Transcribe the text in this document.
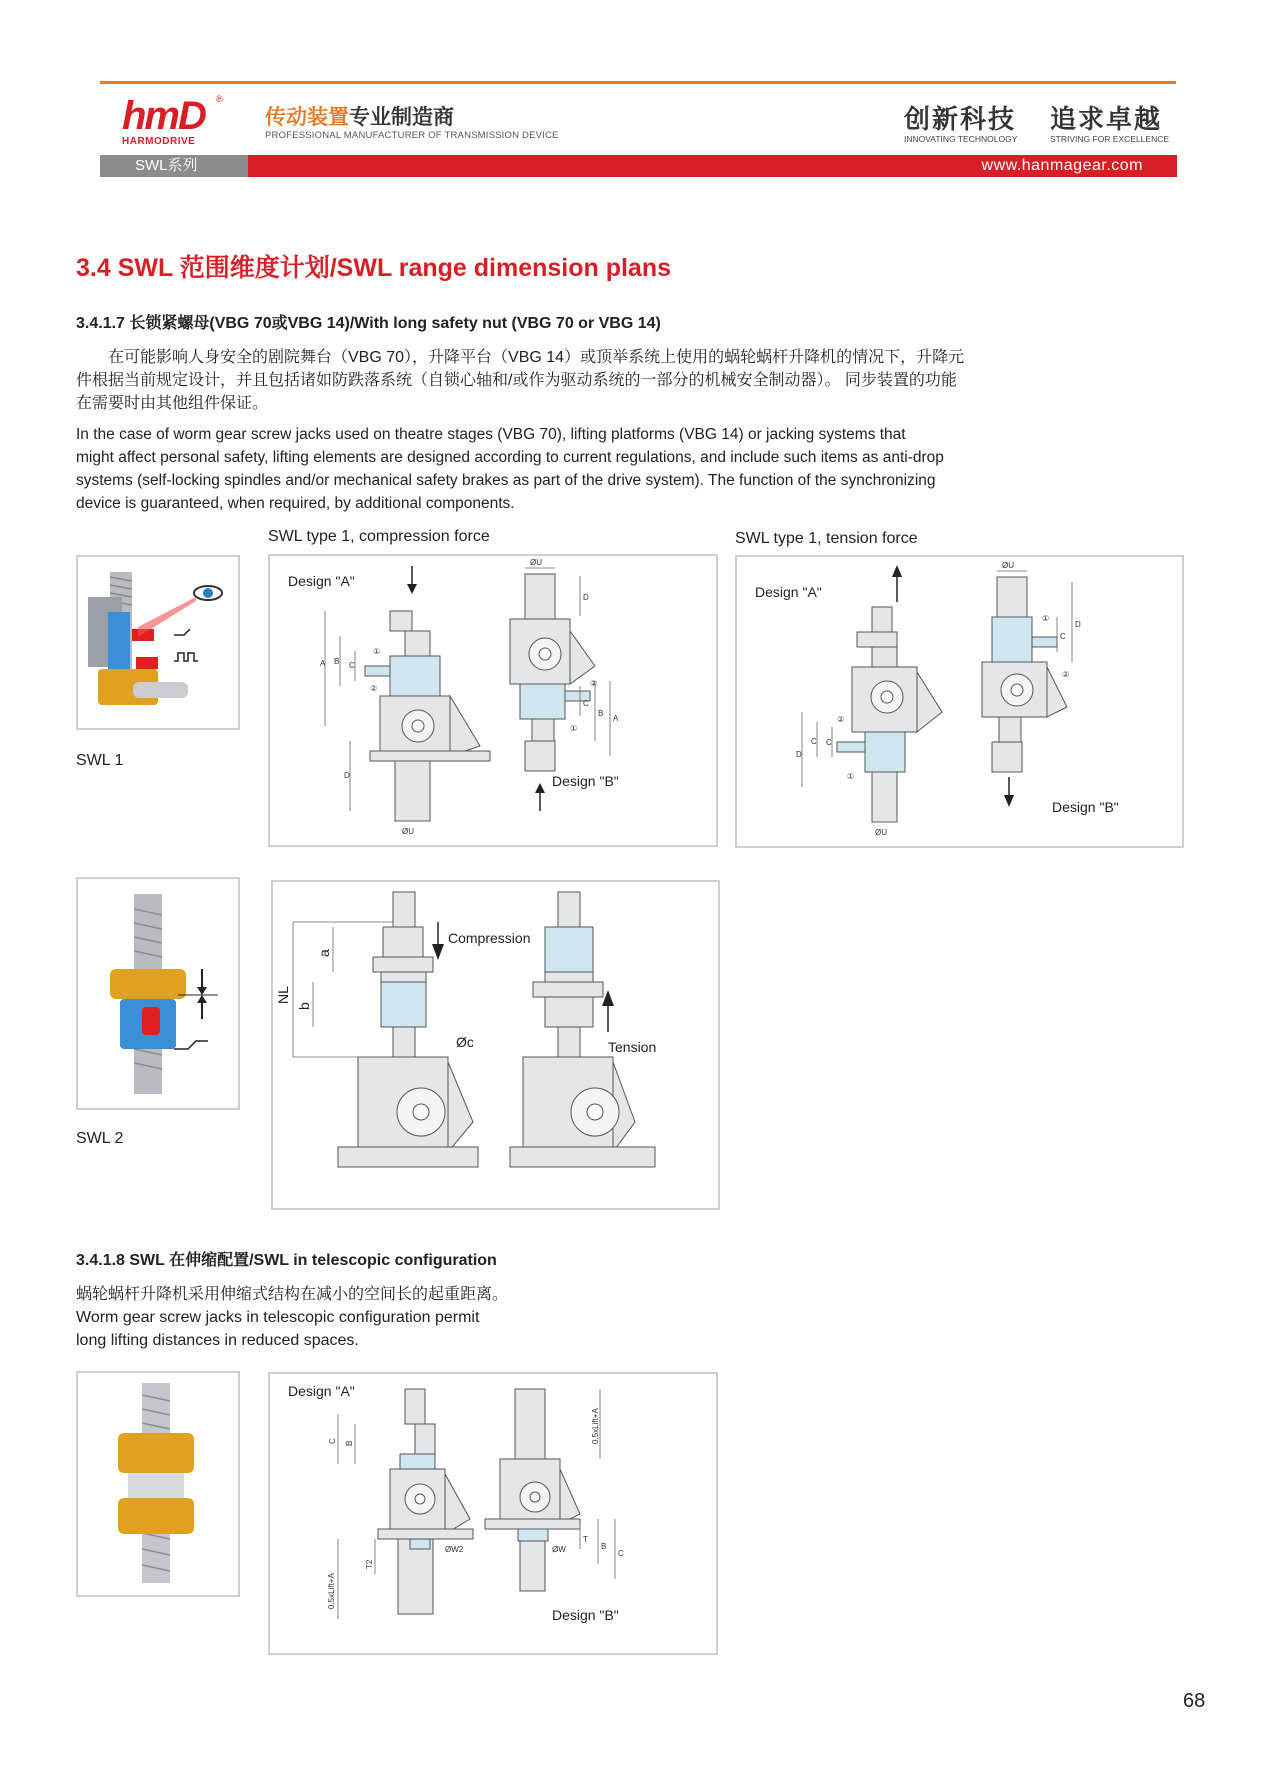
hmD
HARMODRIVE
®
传动装置专业制造商
PROFESSIONAL MANUFACTURER OF TRANSMISSION DEVICE
创新科技 追求卓越
INNOVATING TECHNOLOGY	STRIVING FOR EXCELLENCE
SWL系列	www.hanmagear.com
3.4 SWL 范围维度计划/SWL range dimension plans
3.4.1.7 长锁紧螺母(VBG 70或VBG 14)/With long safety nut (VBG 70 or VBG 14)
在可能影响人身安全的剧院舞台（VBG 70），升降平台（VBG 14）或顶举系统上使用的蜗轮蜗杆升降机的情况下，升降元
件根据当前规定设计，并且包括诸如防跌落系统（自锁心轴和/或作为驱动系统的一部分的机械安全制动器）。 同步装置的功能
在需要时由其他组件保证。
In the case of worm gear screw jacks used on theatre stages (VBG 70), lifting platforms (VBG 14) or jacking systems that
might affect personal safety, lifting elements are designed according to current regulations, and include such items as anti-drop
systems (self-locking spindles and/or mechanical safety brakes as part of the drive system). The function of the synchronizing
device is guaranteed, when required, by additional components.
SWL type 1, compression force	SWL type 1, tension force
SWL 1
Design "A"
Design "B"
ØU
ØU
A B C
D
D
C
B
A
①
②
②
①
Design "A"
Design "B"
ØU
ØU
D
C C
D
C
②
①
①
②
SWL 2
Compression
Tension
NL
a
b
Øc
3.4.1.8 SWL 在伸缩配置/SWL in telescopic configuration
蜗轮蜗杆升降机采用伸缩式结构在减小的空间长的起重距离。
Worm gear screw jacks in telescopic configuration permit
long lifting distances in reduced spaces.
Design "A"
Design "B"
C B	0,5xLift+A
0,5xLift+A
T2
ØW2	ØW
T
B
C
68
